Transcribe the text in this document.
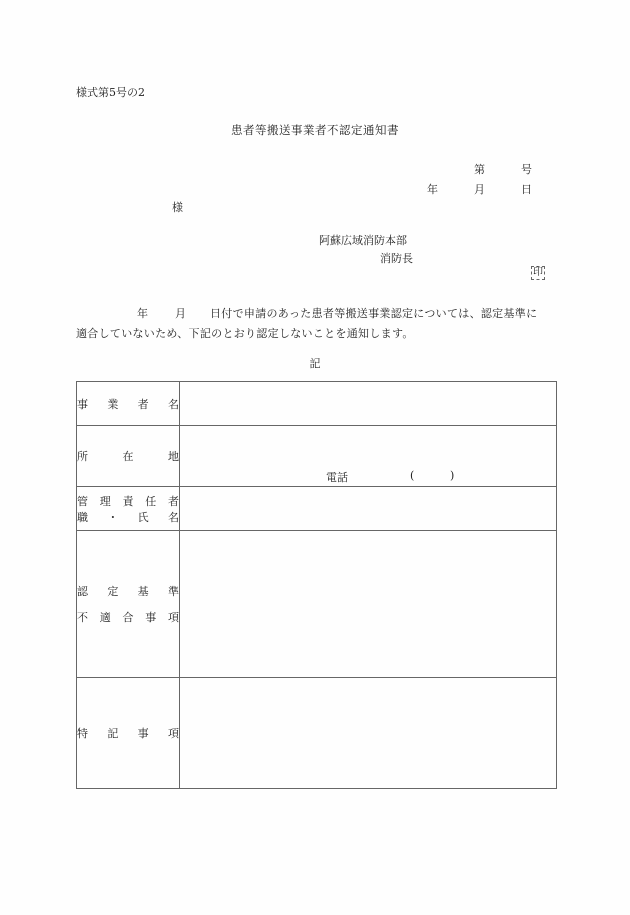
様式第5号の2
患者等搬送事業者不認定通知書
第	号
年	月	日
様
阿蘇広域消防本部
消防長
印
年 月 日付で申請のあった患者等搬送事業認定については、認定基準に
適合していないため、下記のとおり認定しないことを通知します。
記
事 業 者 名	

所 在 地	電話 ( )

管 理 責 任 者
職 ・ 氏 名

認 定 基 準
不 適 合 事 項

特 記 事 項	
